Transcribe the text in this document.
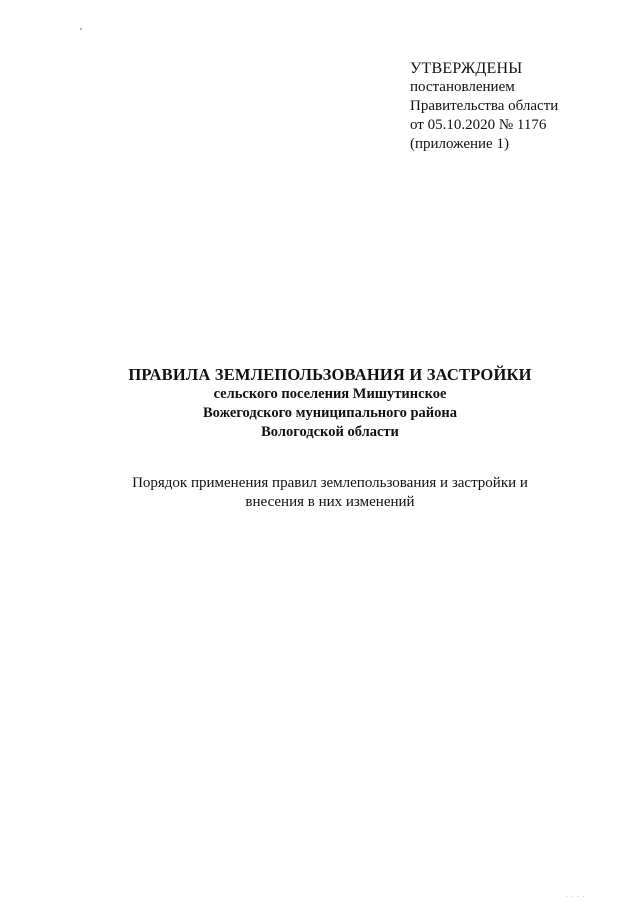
УТВЕРЖДЕНЫ
постановлением
Правительства области
от 05.10.2020 № 1176
(приложение 1)
ПРАВИЛА ЗЕМЛЕПОЛЬЗОВАНИЯ И ЗАСТРОЙКИ
сельского поселения Мишутинское
Вожегодского муниципального района
Вологодской области
Порядок применения правил землепользования и застройки и
внесения в них изменений
. . . .
